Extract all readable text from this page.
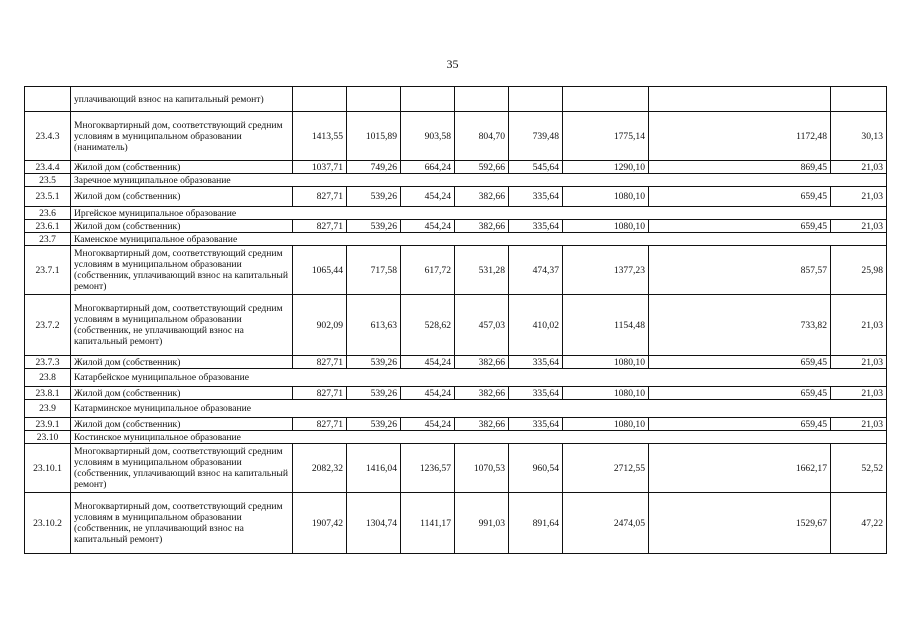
35
	уплачивающий взнос на капитальный ремонт)								
23.4.3	Многоквартирный дом, соответствующий средним условиям в муниципальном образовании (наниматель)	1413,55	1015,89	903,58	804,70	739,48	1775,14	1172,48	30,13
23.4.4	Жилой дом (собственник)	1037,71	749,26	664,24	592,66	545,64	1290,10	869,45	21,03
23.5	Заречное муниципальное образование								
23.5.1	Жилой дом (собственник)	827,71	539,26	454,24	382,66	335,64	1080,10	659,45	21,03
23.6	Иргейское муниципальное образование								
23.6.1	Жилой дом (собственник)	827,71	539,26	454,24	382,66	335,64	1080,10	659,45	21,03
23.7	Каменское муниципальное образование								
23.7.1	Многоквартирный дом, соответствующий средним условиям в муниципальном образовании (собственник, уплачивающий взнос на капитальный ремонт)	1065,44	717,58	617,72	531,28	474,37	1377,23	857,57	25,98
23.7.2	Многоквартирный дом, соответствующий средним условиям в муниципальном образовании (собственник, не уплачивающий взнос на капитальный ремонт)	902,09	613,63	528,62	457,03	410,02	1154,48	733,82	21,03
23.7.3	Жилой дом (собственник)	827,71	539,26	454,24	382,66	335,64	1080,10	659,45	21,03
23.8	Катарбейское муниципальное образование								
23.8.1	Жилой дом (собственник)	827,71	539,26	454,24	382,66	335,64	1080,10	659,45	21,03
23.9	Катарминское муниципальное образование								
23.9.1	Жилой дом (собственник)	827,71	539,26	454,24	382,66	335,64	1080,10	659,45	21,03
23.10	Костинское муниципальное образование								
23.10.1	Многоквартирный дом, соответствующий средним условиям в муниципальном образовании (собственник, уплачивающий взнос на капитальный ремонт)	2082,32	1416,04	1236,57	1070,53	960,54	2712,55	1662,17	52,52
23.10.2	Многоквартирный дом, соответствующий средним условиям в муниципальном образовании (собственник, не уплачивающий взнос на капитальный ремонт)	1907,42	1304,74	1141,17	991,03	891,64	2474,05	1529,67	47,22
